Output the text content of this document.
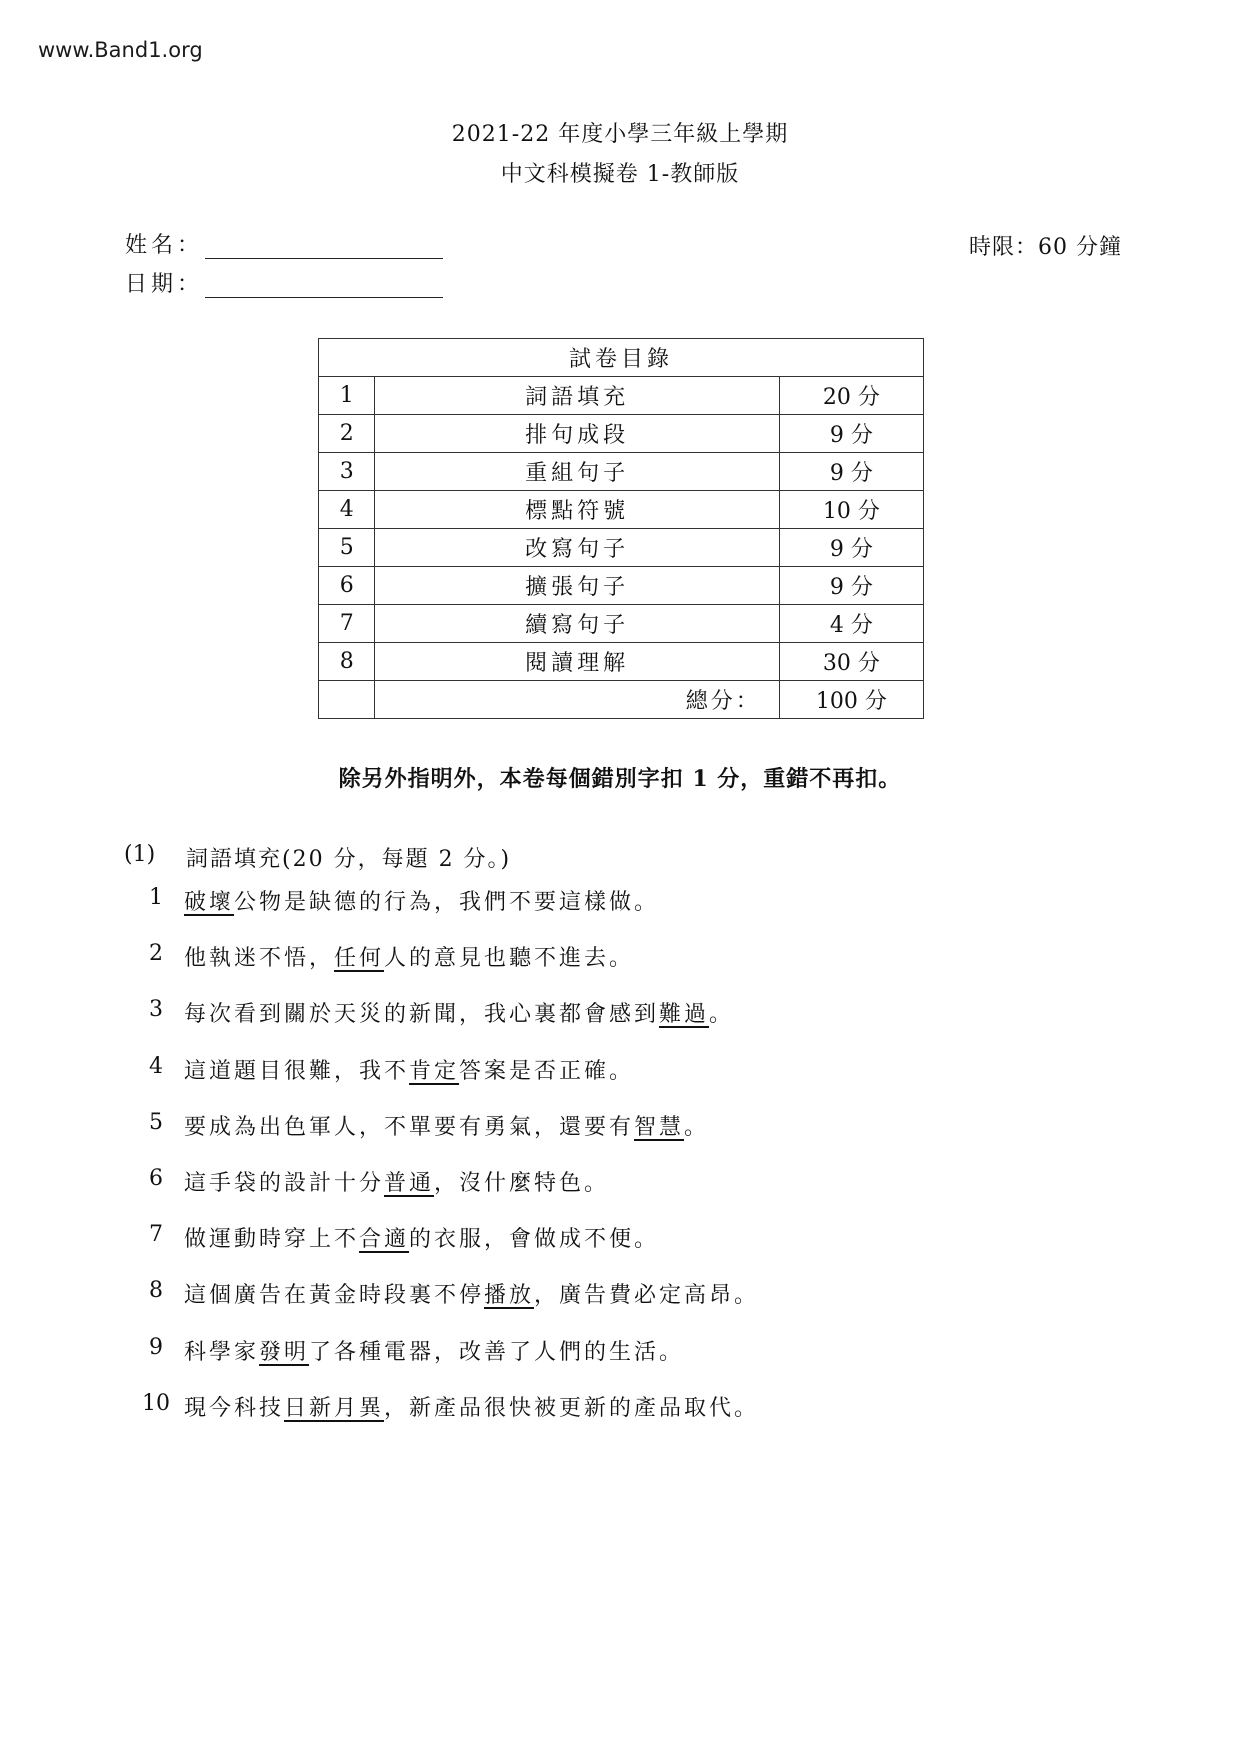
www.Band1.org
2021-22 年度小學三年級上學期
中文科模擬卷 1-教師版
姓名：
日期：
時限：60 分鐘
試卷目錄		
1	詞語填充	20 分
2	排句成段	9 分
3	重組句子	9 分
4	標點符號	10 分
5	改寫句子	9 分
6	擴張句子	9 分
7	續寫句子	4 分
8	閱讀理解	30 分
	總分：	100 分
除另外指明外，本卷每個錯別字扣 1 分，重錯不再扣。
(1)	詞語填充(20 分，每題 2 分。)
1 破壞公物是缺德的行為，我們不要這樣做。
2 他執迷不悟，任何人的意見也聽不進去。
3 每次看到關於天災的新聞，我心裏都會感到難過。
4 這道題目很難，我不肯定答案是否正確。
5 要成為出色軍人，不單要有勇氣，還要有智慧。
6 這手袋的設計十分普通，沒什麼特色。
7 做運動時穿上不合適的衣服，會做成不便。
8 這個廣告在黃金時段裏不停播放，廣告費必定高昂。
9 科學家發明了各種電器，改善了人們的生活。
10 現今科技日新月異，新產品很快被更新的產品取代。
